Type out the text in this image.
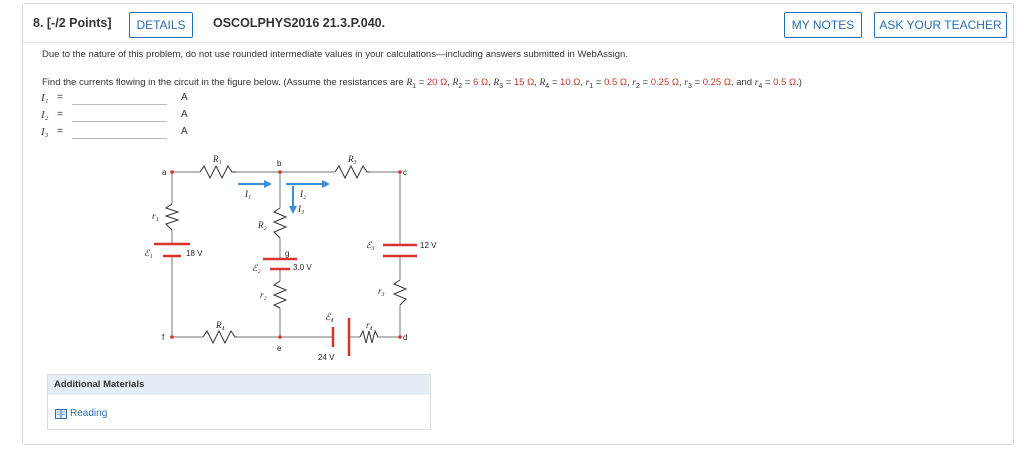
8. [-/2 Points]	DETAILS	OSCOLPHYS2016 21.3.P.040.	MY NOTES	ASK YOUR TEACHER
Due to the nature of this problem, do not use rounded intermediate values in your calculations—including answers submitted in WebAssign.
Find the currents flowing in the circuit in the figure below. (Assume the resistances are $R_1 = 20$ Ω, $R_2 = 6$ Ω, $R_3 = 15$ Ω, $R_4 = 10$ Ω, $r_1 = 0.5$ Ω, $r_2 = 0.25$ Ω, $r_3 = 0.25$ Ω, and $r_4 = 0.5$ Ω.)
I₁ =	A
I₂ =	A
I₃ =	A
a
b
c
d
e
f
g
R₁	R₃
R₄
R₂
r₁
r₂	r₃
r₄
I₁	I₂
I₃
ℰ₁
ℰ₂
ℰ₃
ℰ₄
18 V
3.0 V
12 V
24 V
Additional Materials
Reading
